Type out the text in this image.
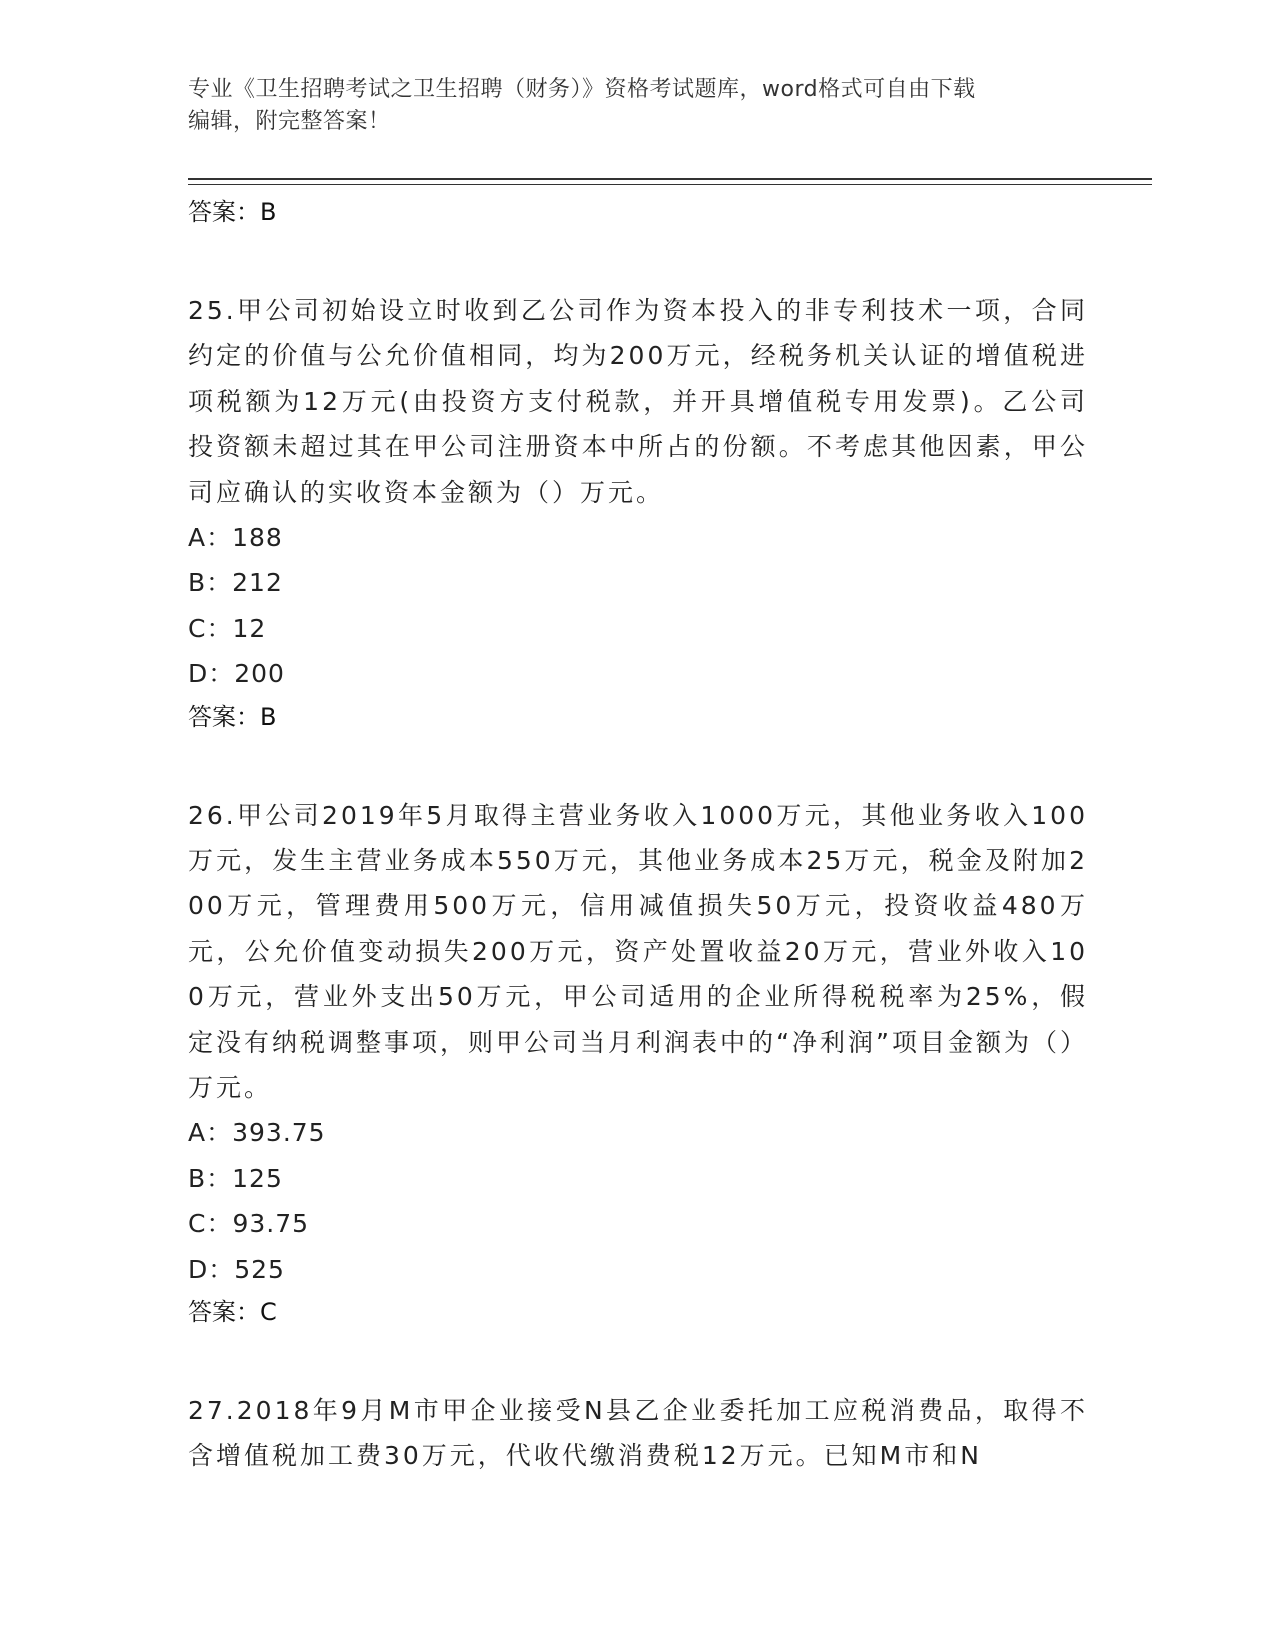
专业《卫生招聘考试之卫生招聘（财务）》资格考试题库，word格式可自由下载
编辑，附完整答案！

答案：B

25.甲公司初始设立时收到乙公司作为资本投入的非专利技术一项，合同约定的价值与公允价值相同，均为200万元，经税务机关认证的增值税进项税额为12万元(由投资方支付税款，并开具增值税专用发票)。乙公司投资额未超过其在甲公司注册资本中所占的份额。不考虑其他因素，甲公司应确认的实收资本金额为（）万元。

A：188

B：212

C：12

D：200

答案：B

26.甲公司2019年5月取得主营业务收入1000万元，其他业务收入100万元，发生主营业务成本550万元，其他业务成本25万元，税金及附加200万元，管理费用500万元，信用减值损失50万元，投资收益480万元，公允价值变动损失200万元，资产处置收益20万元，营业外收入100万元，营业外支出50万元，甲公司适用的企业所得税税率为25%，假定没有纳税调整事项，则甲公司当月利润表中的“净利润”项目金额为（）万元。

A：393.75

B：125

C：93.75

D：525

答案：C

27.2018年9月M市甲企业接受N县乙企业委托加工应税消费品，取得不含增值税加工费30万元，代收代缴消费税12万元。已知M市和N
